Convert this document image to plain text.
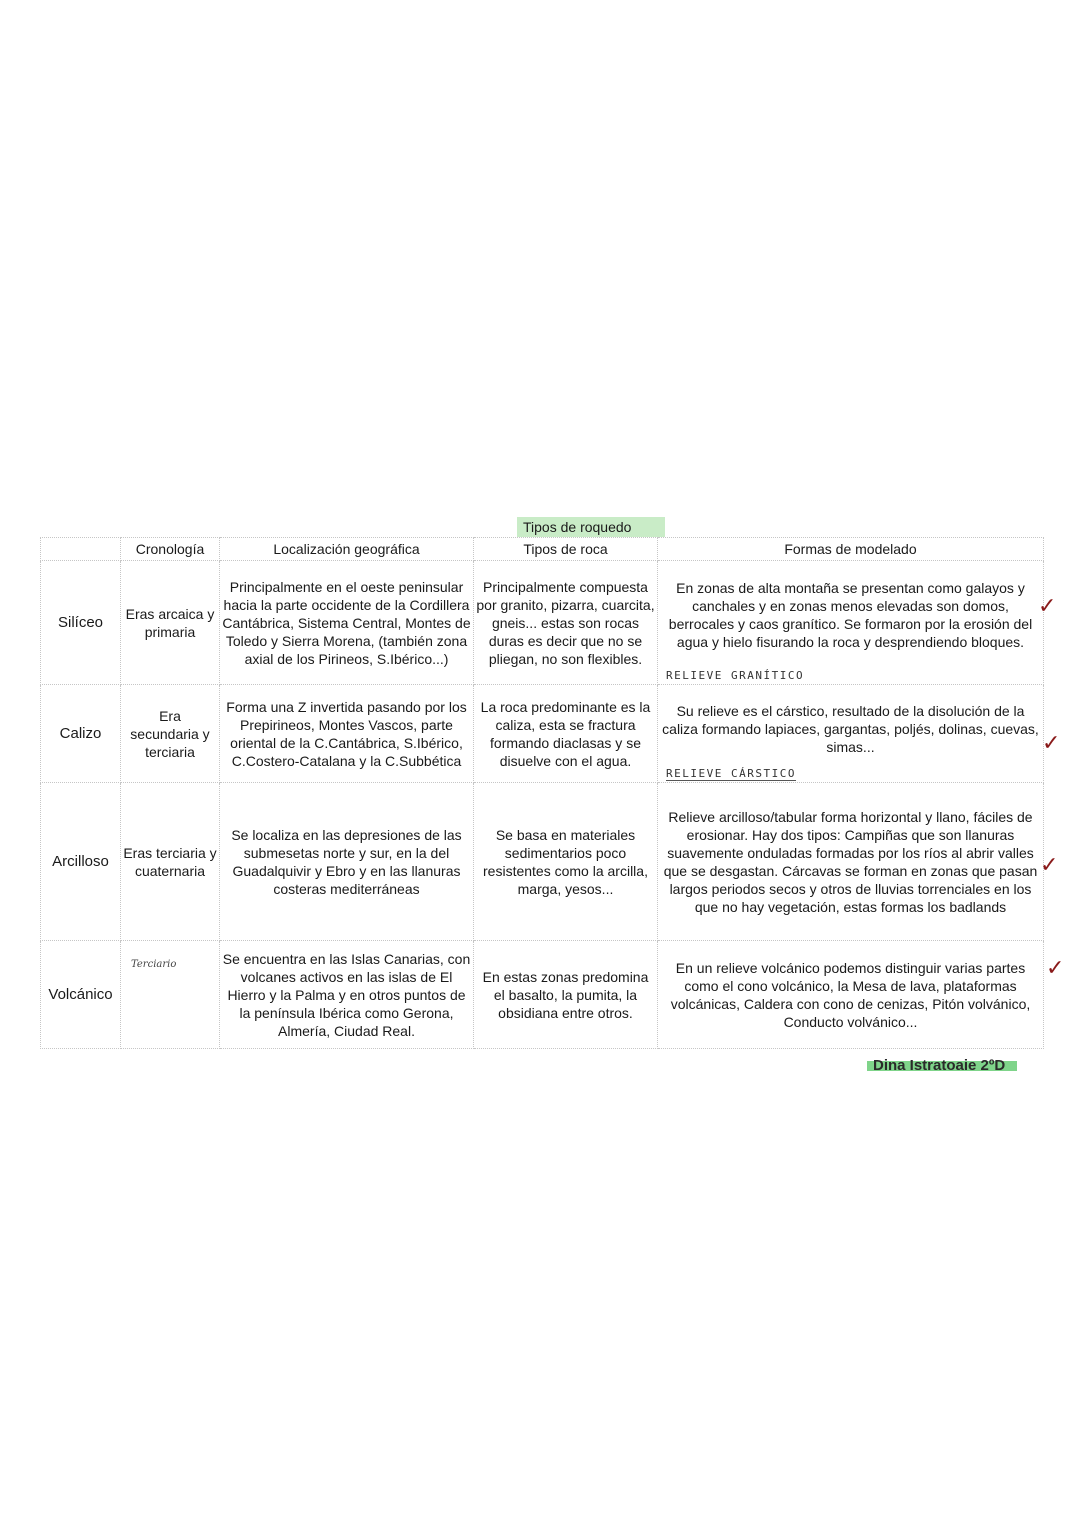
Tipos de roquedo
	Cronología	Localización geográfica	Tipos de roca	Formas de modelado
Silíceo	Eras arcaica y primaria	Principalmente en el oeste peninsular hacia la parte occidente de la Cordillera Cantábrica, Sistema Central, Montes de Toledo y Sierra Morena, (también zona axial de los Pirineos, S.Ibérico...)	Principalmente compuesta por granito, pizarra, cuarcita, gneis... estas son rocas duras es decir que no se pliegan, no son flexibles.	En zonas de alta montaña se presentan como galayos y canchales y en zonas menos elevadas son domos, berrocales y caos granítico. Se formaron por la erosión del agua y hielo fisurando la roca y desprendiendo bloques.
RELIEVE GRANÍTICO

Calizo	Era secundaria y terciaria	Forma una Z invertida pasando por los Prepirineos, Montes Vascos, parte oriental de la C.Cantábrica, S.Ibérico, C.Costero-Catalana y la C.Subbética	La roca predominante es la caliza, esta se fractura formando diaclasas y se disuelve con el agua.	Su relieve es el cárstico, resultado de la disolución de la caliza formando lapiaces, gargantas, poljés, dolinas, cuevas, simas...
RELIEVE CÁRSTICO

Arcilloso	Eras terciaria y cuaternaria	Se localiza en las depresiones de las submesetas norte y sur, en la del Guadalquivir y Ebro y en las llanuras costeras mediterráneas	Se basa en materiales sedimentarios poco resistentes como la arcilla, marga, yesos...	Relieve arcilloso/tabular forma horizontal y llano, fáciles de erosionar. Hay dos tipos: Campiñas que son llanuras suavemente onduladas formadas por los ríos al abrir valles que se desgastan. Cárcavas se forman en zonas que pasan largos periodos secos y otros de lluvias torrenciales en los que no hay vegetación, estas formas los badlands
Volcánico	Terciario	Se encuentra en las Islas Canarias, con volcanes activos en las islas de El Hierro y la Palma y en otros puntos de la península Ibérica como Gerona, Almería, Ciudad Real.	En estas zonas predomina el basalto, la pumita, la obsidiana entre otros.	En un relieve volcánico podemos distinguir varias partes como el cono volcánico, la Mesa de lava, plataformas volcánicas, Caldera con cono de cenizas, Pitón volvánico, Conducto volvánico...
✓
✓
✓
✓
Dina Istratoaie 2ºD
